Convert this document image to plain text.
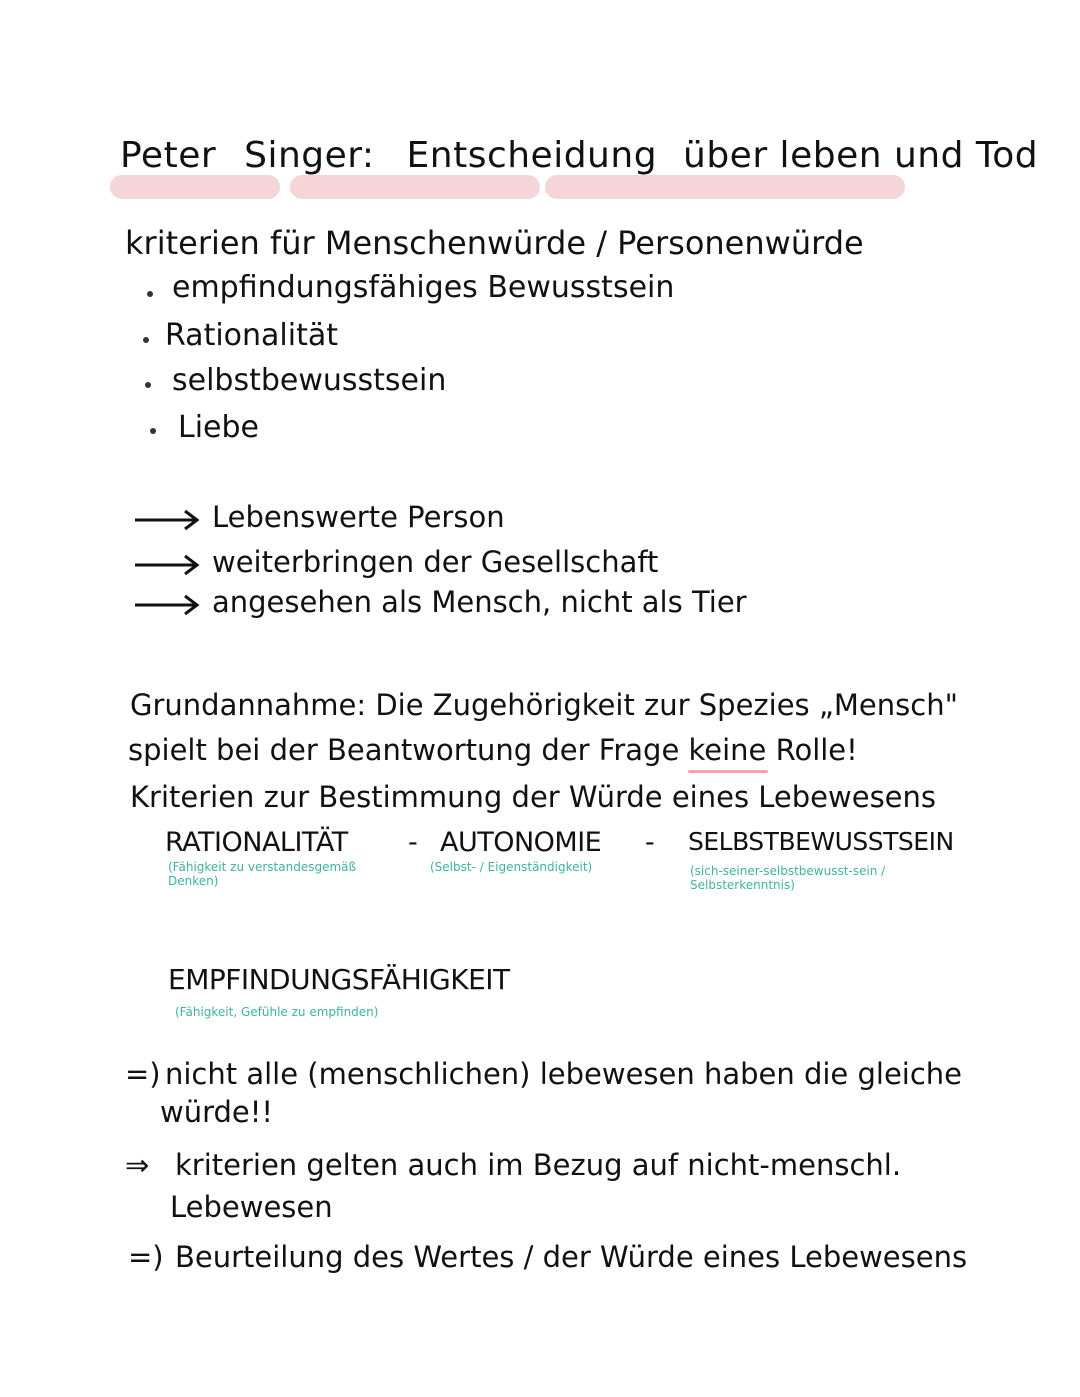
Peter Singer: Entscheidung über leben und Tod
kriterien für Menschenwürde / Personenwürde
empfindungsfähiges Bewusstsein
Rationalität
selbstbewusstsein
Liebe
Lebenswerte Person
weiterbringen der Gesellschaft
angesehen als Mensch, nicht als Tier
Grundannahme: Die Zugehörigkeit zur Spezies „Mensch"
spielt bei der Beantwortung der Frage keine Rolle!
Kriterien zur Bestimmung der Würde eines Lebewesens
RATIONALITÄT
(Fähigkeit zu verstandesgemäß Denken)
- AUTONOMIE
(Selbst- / Eigenständigkeit)
- SELBSTBEWUSSTSEIN
(sich-seiner-selbstbewusst-sein / Selbsterkenntnis)
EMPFINDUNGSFÄHIGKEIT
(Fähigkeit, Gefühle zu empfinden)
=) nicht alle (menschlichen) lebewesen haben die gleiche
würde!!
⇒ kriterien gelten auch im Bezug auf nicht-menschl.
Lebewesen
=) Beurteilung des Wertes / der Würde eines Lebewesens
